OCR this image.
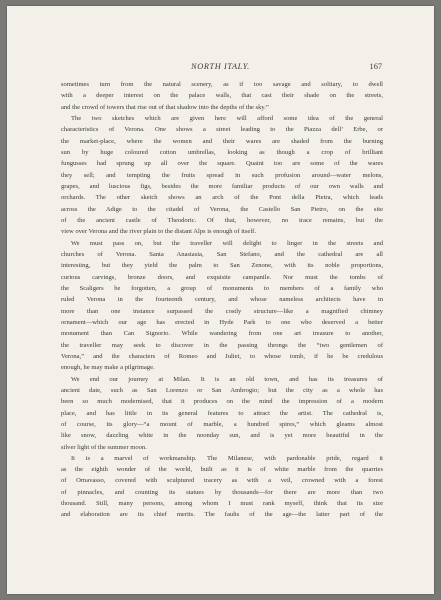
NORTH ITALY.	167
sometimes turn from the natural scenery, as if too savage and solitary, to dwell
with a deeper interest on the palace walls, that cast their shade on the streets,
and the crowd of towers that rise out of that shadow into the depths of the sky.”
The two sketches which are given here will afford some idea of the general
characteristics of Verona. One shows a street leading to the Piazza dell’ Erbe, or
the market-place, where the women and their wares are shaded from the burning
sun by huge coloured cotton umbrellas, looking as though a crop of brilliant
fungusses had sprung up all over the square. Quaint too are some of the wares
they sell; and tempting the fruits spread in such profusion around—water melons,
grapes, and luscious figs, besides the more familiar products of our own walls and
orchards. The other sketch shows an arch of the Pont della Pietra, which leads
across the Adige to the citadel of Verona, the Castello San Pietro, on the site
of the ancient castle of Theodoric. Of that, however, no trace remains, but the
view over Verona and the river plain to the distant Alps is enough of itself.
We must pass on, but the traveller will delight to linger in the streets and
churches of Verona. Santa Anastasia, San Stefano, and the cathedral are all
interesting, but they yield the palm to San Zenone, with its noble proportions,
curious carvings, bronze doors, and exquisite campanile. Nor must the tombs of
the Scaligers be forgotten, a group of monuments to members of a family who
ruled Verona in the fourteenth century, and whose nameless architects have in
more than one instance surpassed the costly structure—like a magnified chimney
ornament—which our age has erected in Hyde Park to one who deserved a better
monument than Can Signorio. While wandering from one art treasure to another,
the traveller may seek to discover in the passing throngs the “two gentlemen of
Verona,” and the characters of Romeo and Juliet, to whose tomb, if he be credulous
enough, he may make a pilgrimage.
We end our journey at Milan. It is an old town, and has its treasures of
ancient date, such as San Lorenzo or San Ambrogio; but the city as a whole has
been so much modernised, that it produces on the mind the impression of a modern
place, and has little in its general features to attract the artist. The cathedral is,
of course, its glory—“a mount of marble, a hundred spires,” which gleams almost
like snow, dazzling white in the noonday sun, and is yet more beautiful in the
silver light of the summer moon.
It is a marvel of workmanship. The Milanese, with pardonable pride, regard it
as the eighth wonder of the world, built as it is of white marble from the quarries
of Ornavasso, covered with sculptured tracery as with a veil, crowned with a forest
of pinnacles, and counting its statues by thousands—for there are more than two
thousand. Still, many persons, among whom I must rank myself, think that its size
and elaboration are its chief merits. The faults of the age—the latter part of the
